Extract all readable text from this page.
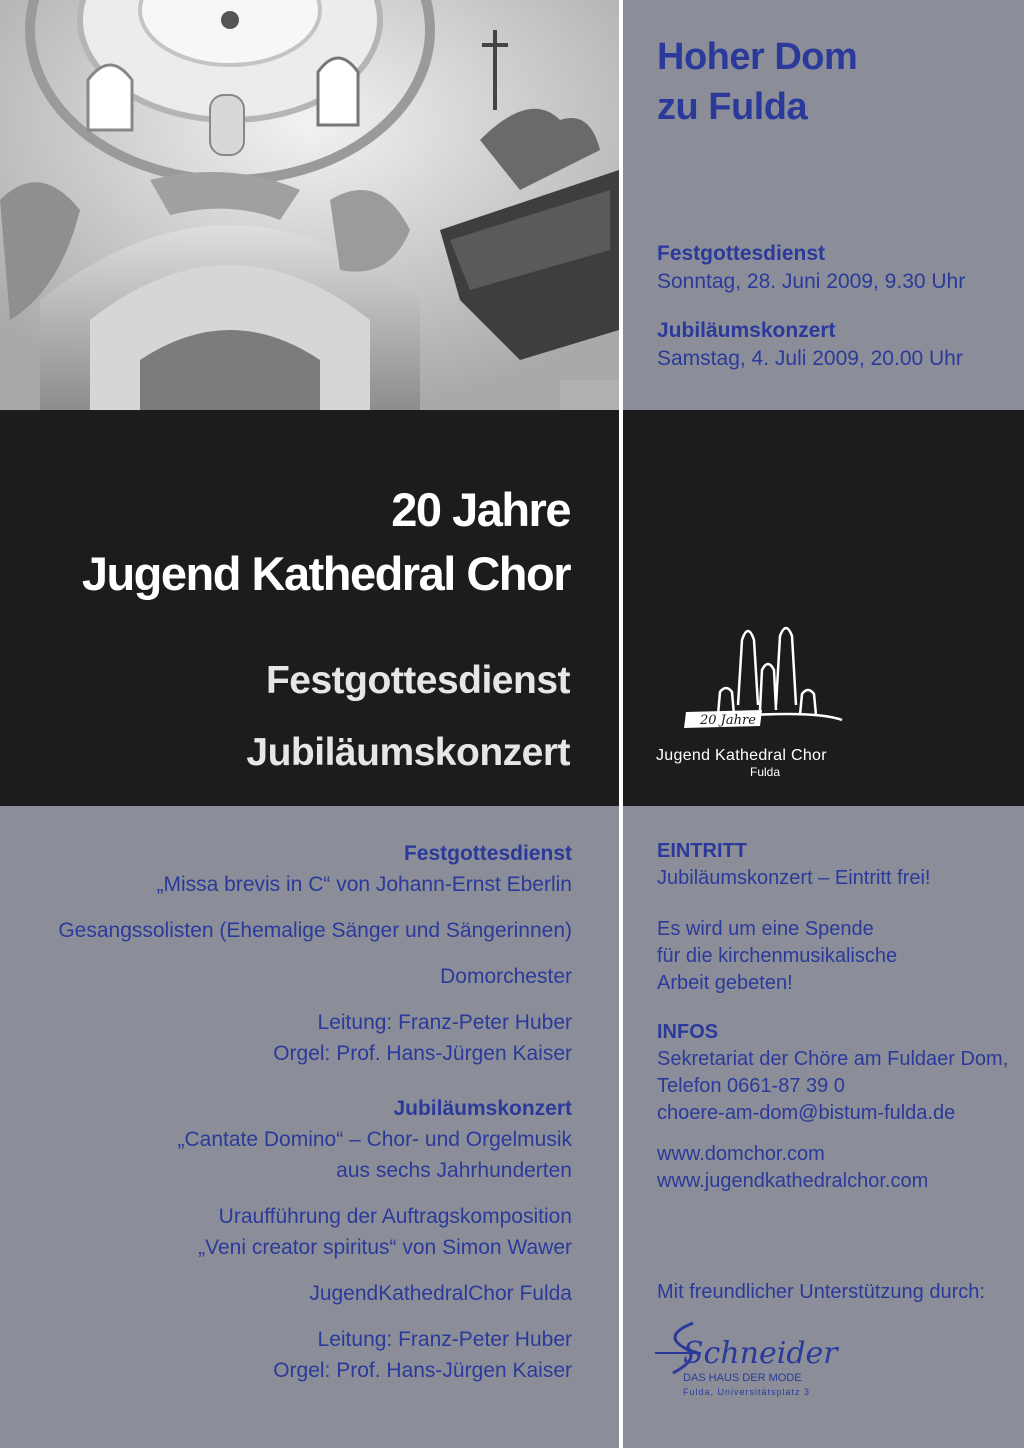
Hoher Dom
zu Fulda
Festgottesdienst
Sonntag, 28. Juni 2009, 9.30 Uhr
Jubiläumskonzert
Samstag, 4. Juli 2009, 20.00 Uhr
20 Jahre
Jugend Kathedral Chor
Festgottesdienst
Jubiläumskonzert
20 Jahre
Jugend Kathedral Chor
Fulda

Festgottesdienst

„Missa brevis in C“ von Johann-Ernst Eberlin

Gesangssolisten (Ehemalige Sänger und Sängerinnen)

Domorchester

Leitung: Franz-Peter Huber

Orgel: Prof. Hans-Jürgen Kaiser

Jubiläumskonzert

„Cantate Domino“ – Chor- und Orgelmusik

aus sechs Jahrhunderten

Uraufführung der Auftragskomposition

„Veni creator spiritus“ von Simon Wawer

JugendKathedralChor Fulda

Leitung: Franz-Peter Huber

Orgel: Prof. Hans-Jürgen Kaiser

EINTRITT

Jubiläumskonzert – Eintritt frei!

Es wird um eine Spende

für die kirchenmusikalische

Arbeit gebeten!

INFOS

Sekretariat der Chöre am Fuldaer Dom,

Telefon 0661-87 39 0

choere-am-dom@bistum-fulda.de

www.domchor.com

www.jugendkathedralchor.com

Mit freundlicher Unterstützung durch:
Schneider
DAS HAUS DER MODE
Fulda, Universitätsplatz 3
